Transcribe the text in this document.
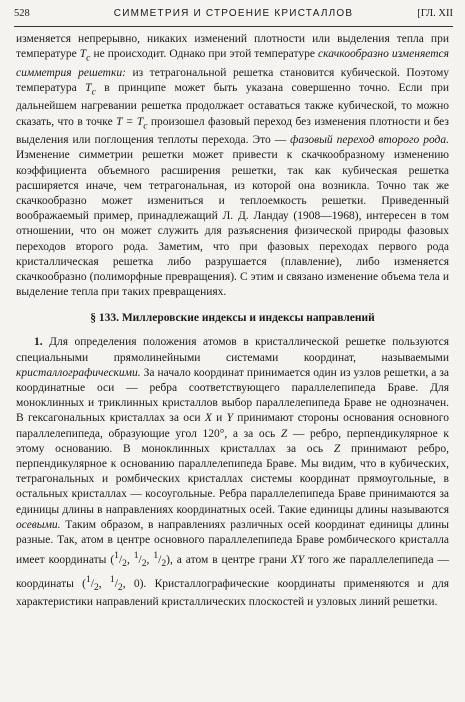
528	СИММЕТРИЯ И СТРОЕНИЕ КРИСТАЛЛОВ	[ГЛ. XII

изменяется непрерывно, никаких изменений плотности или выделения тепла при температуре $T_c$ не происходит. Однако при этой температуре скачкообразно изменяется симметрия решетки: из тетрагональной решетка становится кубической. Поэтому температура $T_c$ в принципе может быть указана совершенно точно. Если при дальнейшем нагревании решетка продолжает оставаться также кубической, то можно сказать, что в точке $T = T_c$ произошел фазовый переход без изменения плотности и без выделения или поглощения теплоты перехода. Это — фазовый переход второго рода. Изменение симметрии решетки может привести к скачкообразному изменению коэффициента объемного расширения решетки, так как кубическая решетка расширяется иначе, чем тетрагональная, из которой она возникла. Точно так же скачкообразно может измениться и теплоемкость решетки. Приведенный воображаемый пример, принадлежащий Л. Д. Ландау (1908—1968), интересен в том отношении, что он может служить для разъяснения физической природы фазовых переходов второго рода. Заметим, что при фазовых переходах первого рода кристаллическая решетка либо разрушается (плавление), либо изменяется скачкообразно (полиморфные превращения). С этим и связано изменение объема тела и выделение тепла при таких превращениях.

§ 133. Миллеровские индексы и индексы направлений

1. Для определения положения атомов в кристаллической решетке пользуются специальными прямолинейными системами координат, называемыми кристаллографическими. За начало координат принимается один из узлов решетки, а за координатные оси — ребра соответствующего параллелепипеда Браве. Для моноклинных и триклинных кристаллов выбор параллелепипеда Браве не однозначен. В гексагональных кристаллах за оси X и Y принимают стороны основания основного параллелепипеда, образующие угол 120°, а за ось Z — ребро, перпендикулярное к этому основанию. В моноклинных кристаллах за ось Z принимают ребро, перпендикулярное к основанию параллелепипеда Браве. Мы видим, что в кубических, тетрагональных и ромбических кристаллах системы координат прямоугольные, в остальных кристаллах — косоугольные. Ребра параллелепипеда Браве принимаются за единицы длины в направлениях координатных осей. Такие единицы длины называются осевыми. Таким образом, в направлениях различных осей координат единицы длины разные. Так, атом в центре основного параллелепипеда Браве ромбического кристалла имеет координаты ($^1/_2$, $^1/_2$, $^1/_2$), а атом в центре грани XY того же параллелепипеда — координаты ($^1/_2$, $^1/_2$, 0). Кристаллографические координаты применяются и для характеристики направлений кристаллических плоскостей и узловых линий решетки.
